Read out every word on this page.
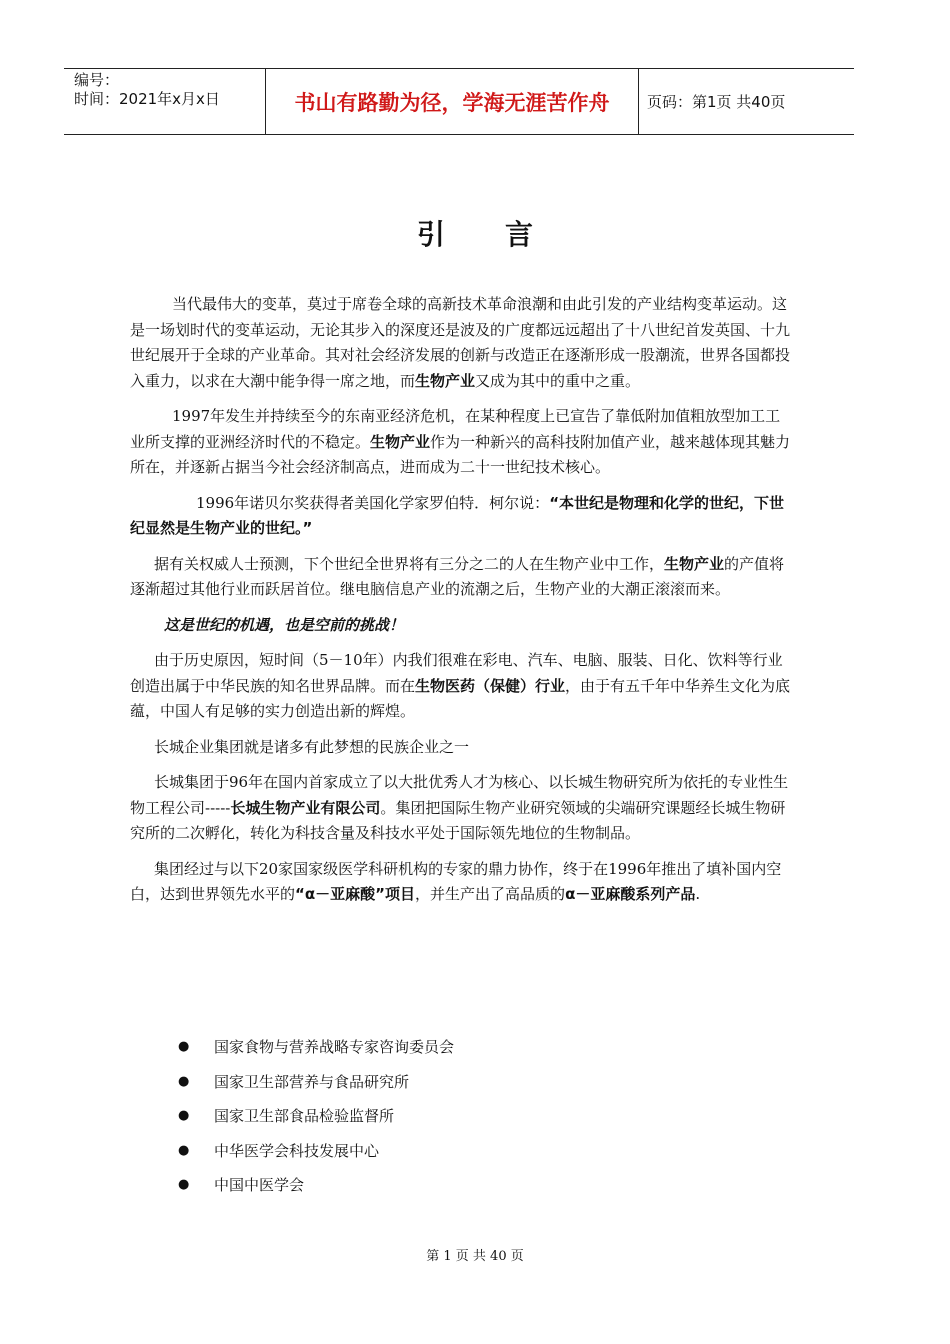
编号：
时间：2021年x月x日	书山有路勤为径，学海无涯苦作舟	页码：第1页 共40页
引言

当代最伟大的变革，莫过于席卷全球的高新技术革命浪潮和由此引发的产业结构变革运动。这是一场划时代的变革运动，无论其步入的深度还是波及的广度都远远超出了十八世纪首发英国、十九世纪展开于全球的产业革命。其对社会经济发展的创新与改造正在逐渐形成一股潮流，世界各国都投入重力，以求在大潮中能争得一席之地，而生物产业又成为其中的重中之重。

1997年发生并持续至今的东南亚经济危机，在某种程度上已宣告了靠低附加值粗放型加工工业所支撑的亚洲经济时代的不稳定。生物产业作为一种新兴的高科技附加值产业，越来越体现其魅力所在，并逐新占据当今社会经济制高点，进而成为二十一世纪技术核心。

1996年诺贝尔奖获得者美国化学家罗伯特．柯尔说：“本世纪是物理和化学的世纪，下世纪显然是生物产业的世纪。”

据有关权威人士预测，下个世纪全世界将有三分之二的人在生物产业中工作，生物产业的产值将逐渐超过其他行业而跃居首位。继电脑信息产业的流潮之后，生物产业的大潮正滚滚而来。

这是世纪的机遇，也是空前的挑战！

由于历史原因，短时间（5－10年）内我们很难在彩电、汽车、电脑、服装、日化、饮料等行业创造出属于中华民族的知名世界品牌。而在生物医药（保健）行业，由于有五千年中华养生文化为底蕴，中国人有足够的实力创造出新的辉煌。

长城企业集团就是诸多有此梦想的民族企业之一

长城集团于96年在国内首家成立了以大批优秀人才为核心、以长城生物研究所为依托的专业性生物工程公司-----长城生物产业有限公司。集团把国际生物产业研究领域的尖端研究课题经长城生物研究所的二次孵化，转化为科技含量及科技水平处于国际领先地位的生物制品。

集团经过与以下20家国家级医学科研机构的专家的鼎力协作，终于在1996年推出了填补国内空白，达到世界领先水平的“α－亚麻酸”项目，并生产出了高品质的α－亚麻酸系列产品.

●	国家食物与营养战略专家咨询委员会
●	国家卫生部营养与食品研究所
●	国家卫生部食品检验监督所
●	中华医学会科技发展中心
●	中国中医学会
第 1 页 共 40 页
